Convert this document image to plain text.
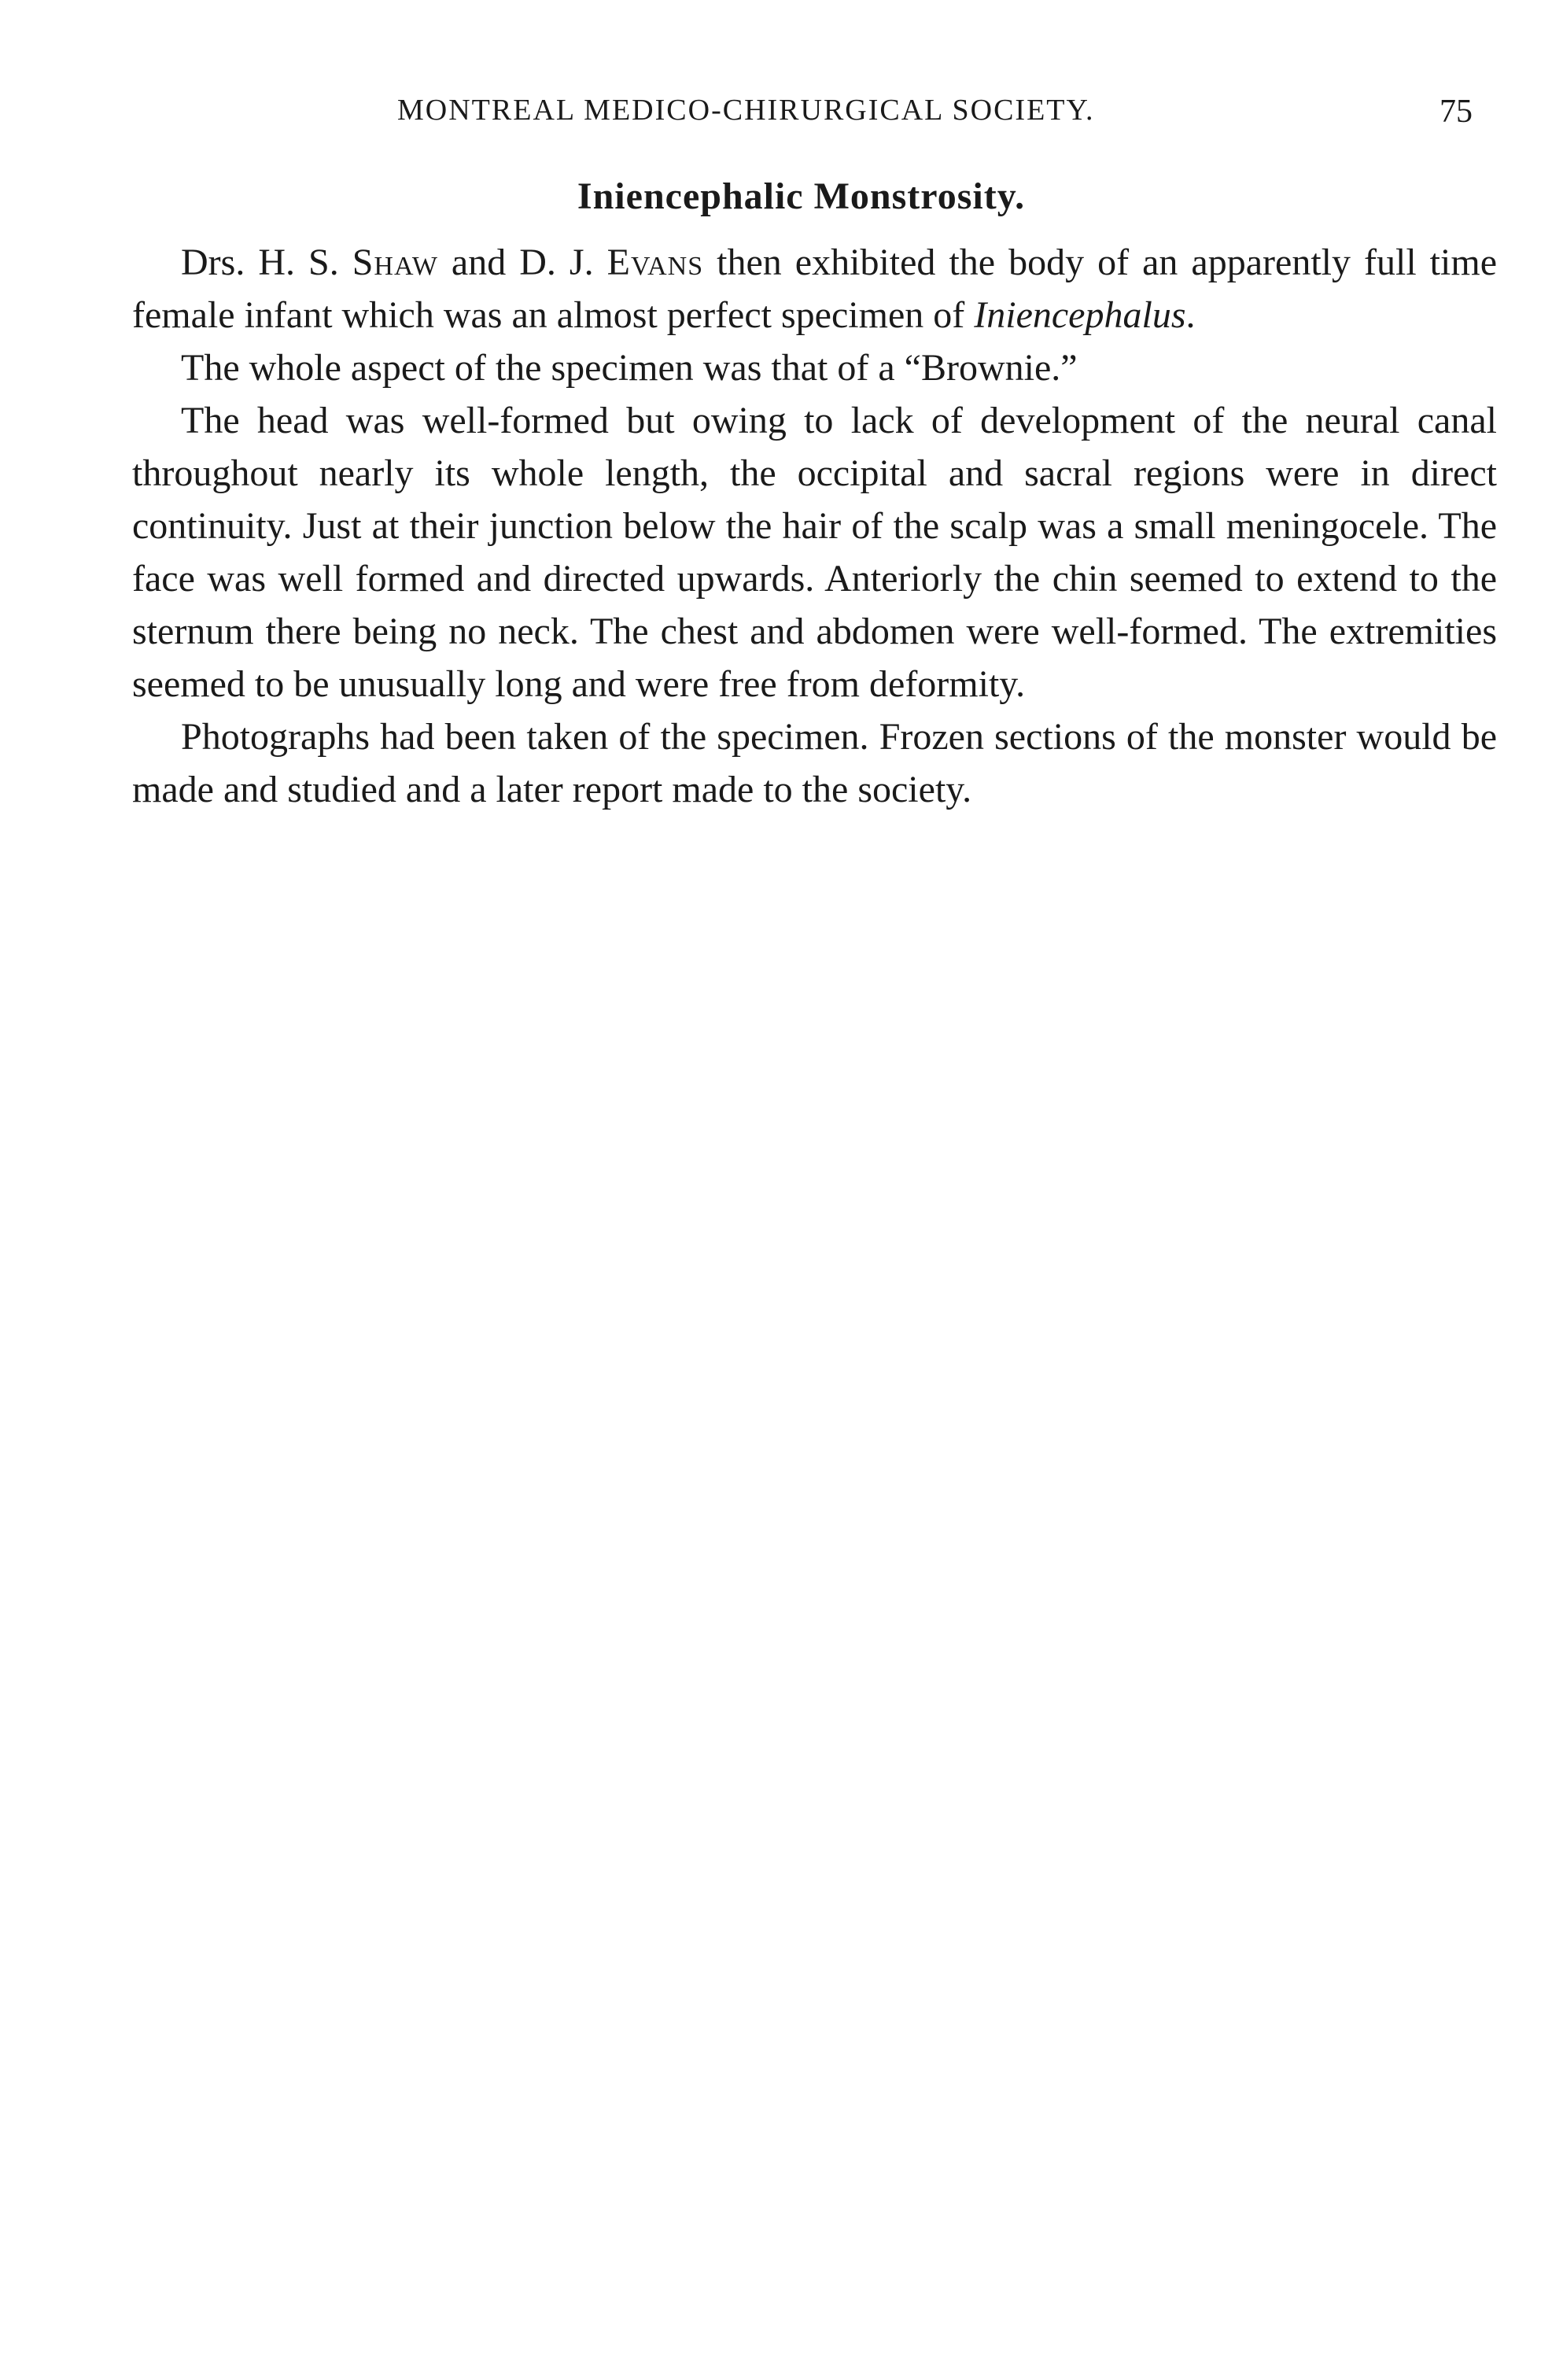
MONTREAL MEDICO-CHIRURGICAL SOCIETY.	75
Iniencephalic Monstrosity.

Drs. H. S. Shaw and D. J. Evans then exhibited the body of an apparently full time female infant which was an almost perfect specimen of Iniencephalus.

The whole aspect of the specimen was that of a “Brownie.”

The head was well-formed but owing to lack of development of the neural canal throughout nearly its whole length, the occipital and sacral regions were in direct continuity. Just at their junction below the hair of the scalp was a small meningocele. The face was well formed and directed upwards. Anteriorly the chin seemed to extend to the sternum there being no neck. The chest and abdomen were well-formed. The extremities seemed to be unusually long and were free from deformity.

Photographs had been taken of the specimen. Frozen sections of the monster would be made and studied and a later report made to the society.
